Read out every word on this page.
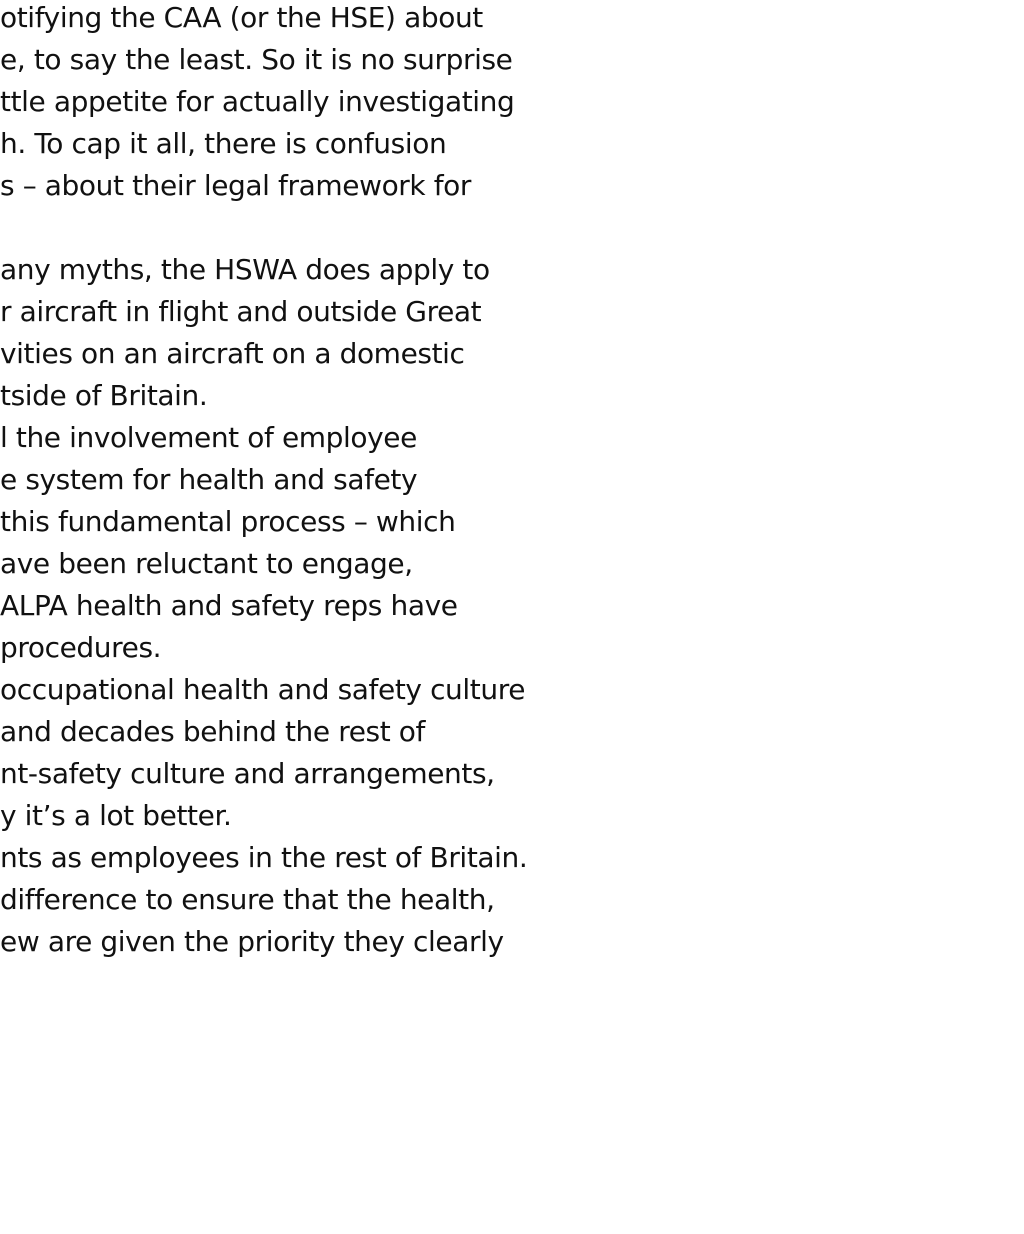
otifying the CAA (or the HSE) about

e, to say the least. So it is no surprise

ttle appetite for actually investigating

h. To cap it all, there is confusion

s – about their legal framework for

any myths, the HSWA does apply to

r aircraft in flight and outside Great

vities on an aircraft on a domestic

tside of Britain.

l the involvement of employee

e system for health and safety

this fundamental process – which

ave been reluctant to engage,

ALPA health and safety reps have

procedures.

occupational health and safety culture

and decades behind the rest of

nt-safety culture and arrangements,

y it’s a lot better.

nts as employees in the rest of Britain.

difference to ensure that the health,

ew are given the priority they clearly
